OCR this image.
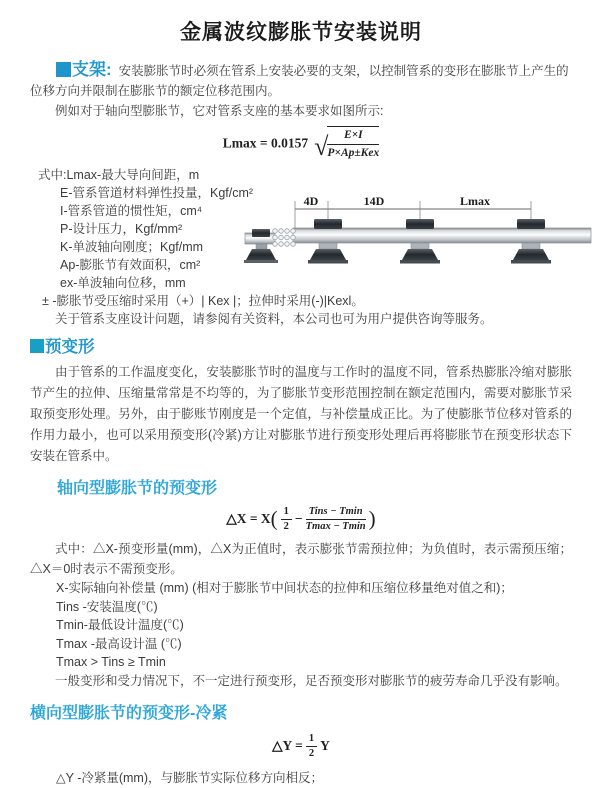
金属波纹膨胀节安装说明

支架: 安装膨胀节时必须在管系上安装必要的支架，以控制管系的变形在膨胀节上产生的位移方向并限制在膨胀节的额定位移范围内。

例如对于轴向型膨胀节，它对管系支座的基本要求如图所示:

Lmax = 0.0157 √ $\frac{E\times I}{\text{P×Ap±Kex}}$
式中:Lmax-最大导向间距，m
E-管系管道材料弹性投量，Kgf/cm²
I-管系管道的惯性矩，cm⁴
P-设计压力，Kgf/mm²
K-单波轴向刚度；Kgf/mm
Ap-膨胀节有效面积，cm²
ex-单波轴向位移，mm
± -膨胀节受压缩时采用（+）| Kex |；拉伸时采用(-)|Kexl。
关于管系支座设计问题，请参阅有关资料，本公司也可为用户提供咨询等服务。
4D	14D	Lmax

预变形

由于管系的工作温度变化，安装膨胀节时的温度与工作时的温度不同，管系热膨胀冷缩对膨胀节产生的拉伸、压缩量常常是不均等的，为了膨胀节变形范围控制在额定范围内，需要对膨胀节采取预变形处理。另外，由于膨账节刚度是一个定值，与补偿量成正比。为了使膨胀节位移对管系的作用力最小，也可以采用预变形(冷紧)方让对膨胀节进行预变形处理后再将膨胀节在预变形状态下安装在管系中。

轴向型膨胀节的预变形
△X = $X( \frac{1}{2} - \frac{\text{Tins − Tmin}}{Tmax - Tmin}$ )

式中：△X-预变形量(mm)，△X为正值时，表示膨张节需预拉伸；为负值时，表示需预压缩；△X＝0时表示不需预变形。

X-实际轴向补偿量 (mm) (相对于膨胀节中间状态的拉伸和压缩位移量绝对值之和)；

Tins -安装温度(℃)
Tmin-最低设计温度(℃)
Tmax -最高设计温 (℃)
Tmax > Tins ≥ Tmin

一般变形和受力情况下，不一定进行预变形，足否预变形对膨胀节的疲劳寿命几乎没有影响。

横向型膨胀节的预变形-冷紧
△Y = $\frac{1}{2}$ Y

△Y -冷紧量(mm)，与膨胀节实际位移方向相反；
